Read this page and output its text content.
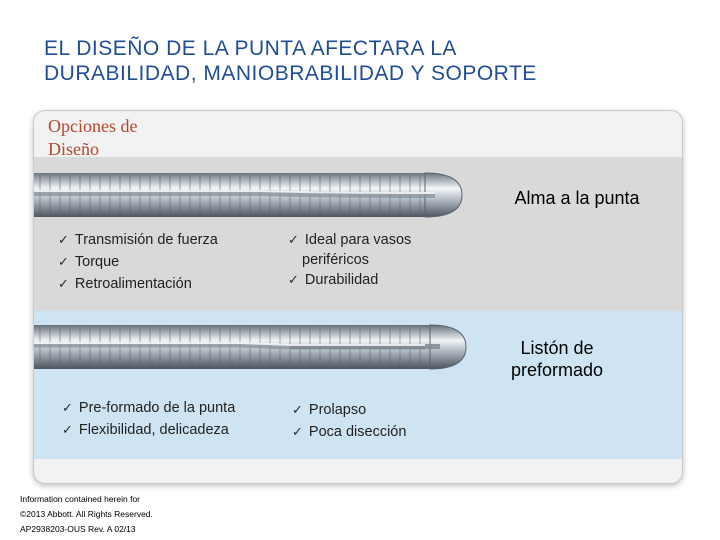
EL DISEÑO DE LA PUNTA AFECTARA LA
DURABILIDAD, MANIOBRABILIDAD Y SOPORTE
Opciones de
Diseño
Alma a la punta
✓ Transmisión de fuerza
✓ Torque
✓ Retroalimentación
✓ Ideal para vasos
periféricos
✓ Durabilidad
Listón de
preformado
✓ Pre-formado de la punta
✓ Flexibilidad, delicadeza
✓ Prolapso
✓ Poca disección
Information contained herein for
©2013 Abbott. All Rights Reserved.
AP2938203-OUS Rev. A 02/13
